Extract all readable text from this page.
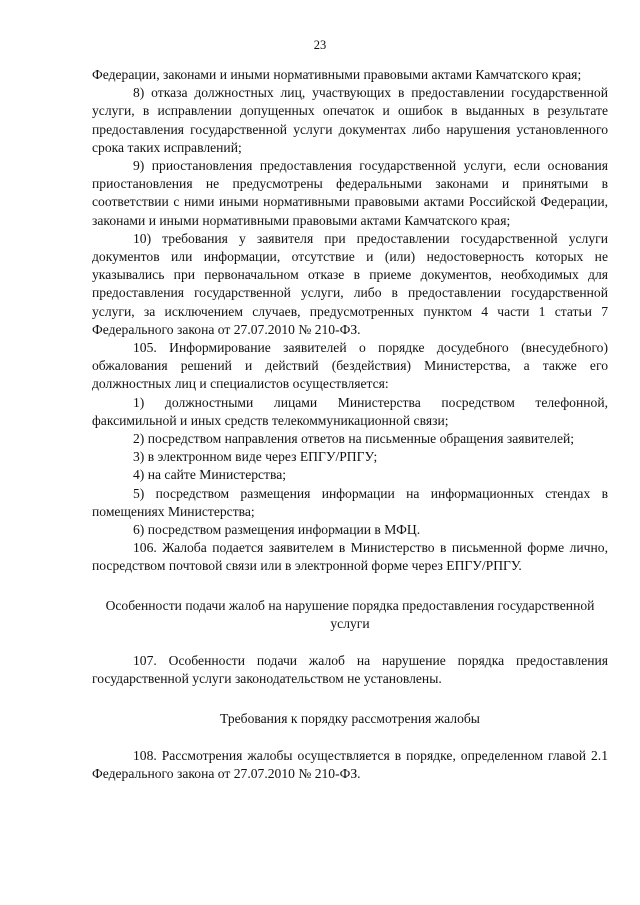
23

Федерации, законами и иными нормативными правовыми актами Камчатского края;

8) отказа должностных лиц, участвующих в предоставлении государственной услуги, в исправлении допущенных опечаток и ошибок в выданных в результате предоставления государственной услуги документах либо нарушения установленного срока таких исправлений;

9) приостановления предоставления государственной услуги, если основания приостановления не предусмотрены федеральными законами и принятыми в соответствии с ними иными нормативными правовыми актами Российской Федерации, законами и иными нормативными правовыми актами Камчатского края;

10) требования у заявителя при предоставлении государственной услуги документов или информации, отсутствие и (или) недостоверность которых не указывались при первоначальном отказе в приеме документов, необходимых для предоставления государственной услуги, либо в предоставлении государственной услуги, за исключением случаев, предусмотренных пунктом 4 части 1 статьи 7 Федерального закона от 27.07.2010 № 210-ФЗ.

105. Информирование заявителей о порядке досудебного (внесудебного) обжалования решений и действий (бездействия) Министерства, а также его должностных лиц и специалистов осуществляется:

1) должностными лицами Министерства посредством телефонной, факсимильной и иных средств телекоммуникационной связи;

2) посредством направления ответов на письменные обращения заявителей;

3) в электронном виде через ЕПГУ/РПГУ;

4) на сайте Министерства;

5) посредством размещения информации на информационных стендах в помещениях Министерства;

6) посредством размещения информации в МФЦ.

106. Жалоба подается заявителем в Министерство в письменной форме лично, посредством почтовой связи или в электронной форме через ЕПГУ/РПГУ.

Особенности подачи жалоб на нарушение порядка предоставления государственной услуги

107. Особенности подачи жалоб на нарушение порядка предоставления государственной услуги законодательством не установлены.

Требования к порядку рассмотрения жалобы

108. Рассмотрения жалобы осуществляется в порядке, определенном главой 2.1 Федерального закона от 27.07.2010 № 210-ФЗ.
